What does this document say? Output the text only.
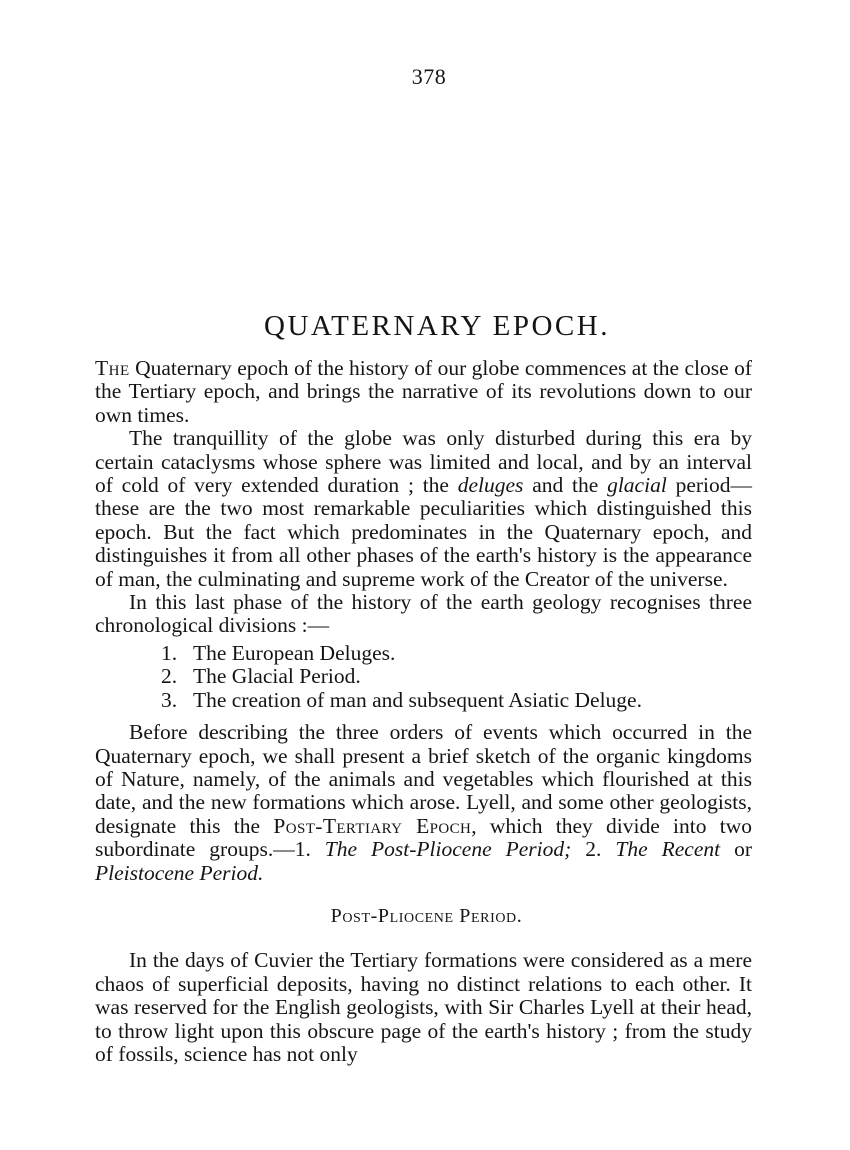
378
QUATERNARY EPOCH.

The Quaternary epoch of the history of our globe commences at the close of the Tertiary epoch, and brings the narrative of its revolutions down to our own times.

The tranquillity of the globe was only disturbed during this era by certain cataclysms whose sphere was limited and local, and by an interval of cold of very extended duration ; the deluges and the glacial period—these are the two most remarkable peculiarities which distinguished this epoch. But the fact which predominates in the Quaternary epoch, and distinguishes it from all other phases of the earth's history is the appearance of man, the culminating and supreme work of the Creator of the universe.

In this last phase of the history of the earth geology recognises three chronological divisions :—

1. The European Deluges.
2. The Glacial Period.
3. The creation of man and subsequent Asiatic Deluge.

Before describing the three orders of events which occurred in the Quaternary epoch, we shall present a brief sketch of the organic kingdoms of Nature, namely, of the animals and vegetables which flourished at this date, and the new formations which arose. Lyell, and some other geologists, designate this the Post-Tertiary Epoch, which they divide into two subordinate groups.—1. The Post-Pliocene Period; 2. The Recent or Pleistocene Period.

Post-Pliocene Period.

In the days of Cuvier the Tertiary formations were considered as a mere chaos of superficial deposits, having no distinct relations to each other. It was reserved for the English geologists, with Sir Charles Lyell at their head, to throw light upon this obscure page of the earth's history ; from the study of fossils, science has not only
